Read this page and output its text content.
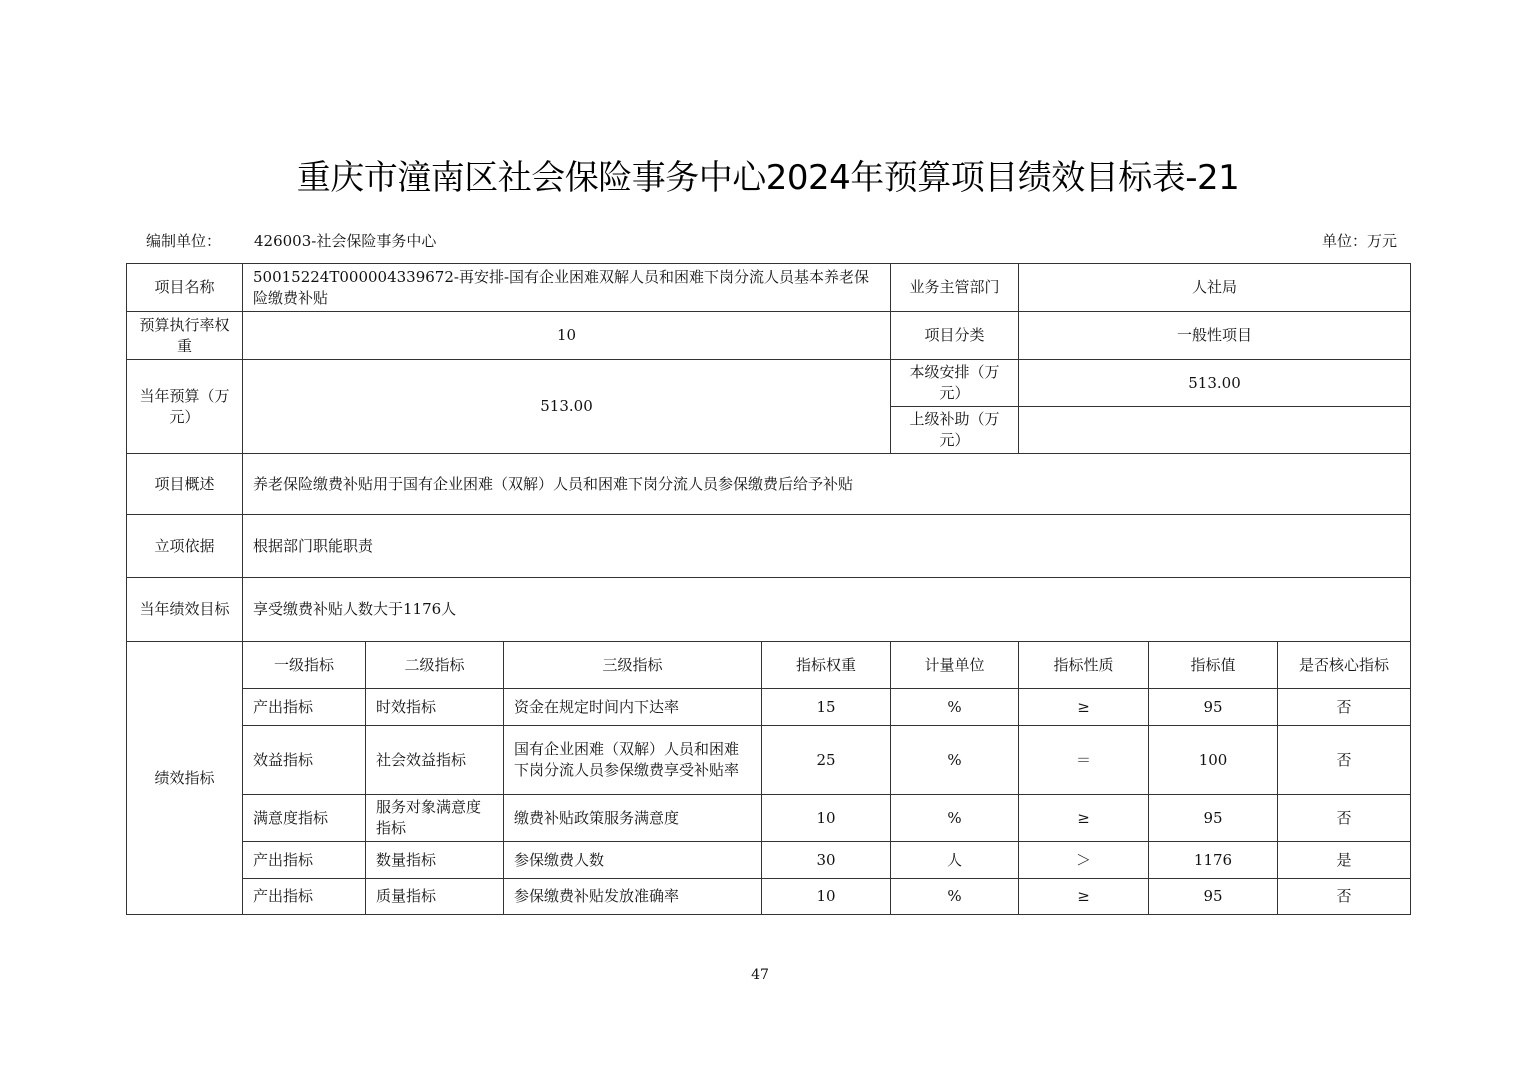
重庆市潼南区社会保险事务中心2024年预算项目绩效目标表-21
编制单位： 426003-社会保险事务中心	单位：万元
项目名称	50015224T000004339672-再安排-国有企业困难双解人员和困难下岗分流人员基本养老保险缴费补贴				业务主管部门	人社局		
预算执行率权重	10				项目分类	一般性项目		
当年预算（万元）	513.00				本级安排（万元）	513.00		
					上级补助（万元）			
项目概述	养老保险缴费补贴用于国有企业困难（双解）人员和困难下岗分流人员参保缴费后给予补贴							
立项依据	根据部门职能职责							
当年绩效目标	享受缴费补贴人数大于1176人							
绩效指标	一级指标	二级指标	三级指标	指标权重	计量单位	指标性质	指标值	是否核心指标
	产出指标	时效指标	资金在规定时间内下达率	15	%	≥	95	否
	效益指标	社会效益指标	国有企业困难（双解）人员和困难下岗分流人员参保缴费享受补贴率	25	%	＝	100	否
	满意度指标	服务对象满意度指标	缴费补贴政策服务满意度	10	%	≥	95	否
	产出指标	数量指标	参保缴费人数	30	人	＞	1176	是
	产出指标	质量指标	参保缴费补贴发放准确率	10	%	≥	95	否
47
